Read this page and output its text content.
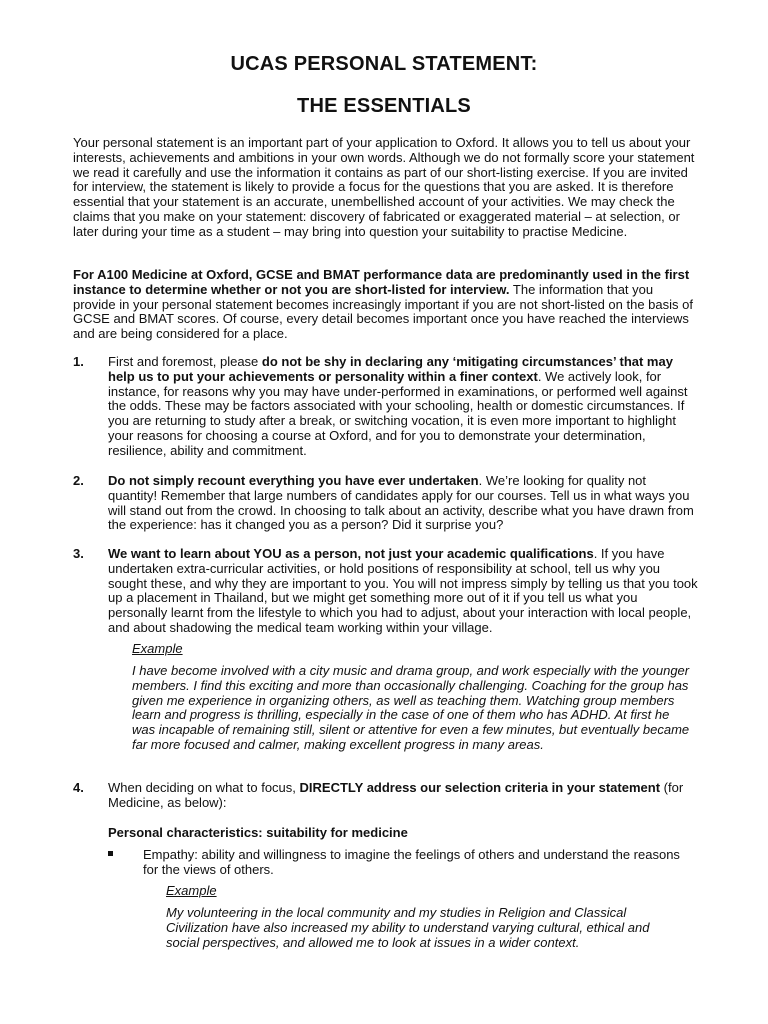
UCAS PERSONAL STATEMENT:
THE ESSENTIALS

Your personal statement is an important part of your application to Oxford. It allows you to tell us about your interests, achievements and ambitions in your own words. Although we do not formally score your statement we read it carefully and use the information it contains as part of our short-listing exercise. If you are invited for interview, the statement is likely to provide a focus for the questions that you are asked. It is therefore essential that your statement is an accurate, unembellished account of your activities. We may check the claims that you make on your statement: discovery of fabricated or exaggerated material – at selection, or later during your time as a student – may bring into question your suitability to practise Medicine.

For A100 Medicine at Oxford, GCSE and BMAT performance data are predominantly used in the first instance to determine whether or not you are short-listed for interview. The information that you provide in your personal statement becomes increasingly important if you are not short-listed on the basis of GCSE and BMAT scores. Of course, every detail becomes important once you have reached the interviews and are being considered for a place.

1. First and foremost, please do not be shy in declaring any ‘mitigating circumstances’ that may help us to put your achievements or personality within a finer context. We actively look, for instance, for reasons why you may have under-performed in examinations, or performed well against the odds. These may be factors associated with your schooling, health or domestic circumstances. If you are returning to study after a break, or switching vocation, it is even more important to highlight your reasons for choosing a course at Oxford, and for you to demonstrate your determination, resilience, ability and commitment.
2. Do not simply recount everything you have ever undertaken. We’re looking for quality not quantity! Remember that large numbers of candidates apply for our courses. Tell us in what ways you will stand out from the crowd. In choosing to talk about an activity, describe what you have drawn from the experience: has it changed you as a person? Did it surprise you?
3. We want to learn about YOU as a person, not just your academic qualifications. If you have undertaken extra-curricular activities, or hold positions of responsibility at school, tell us why you sought these, and why they are important to you. You will not impress simply by telling us that you took up a placement in Thailand, but we might get something more out of it if you tell us what you personally learnt from the lifestyle to which you had to adjust, about your interaction with local people, and about shadowing the medical team working within your village.
Example

I have become involved with a city music and drama group, and work especially with the younger members. I find this exciting and more than occasionally challenging. Coaching for the group has given me experience in organizing others, as well as teaching them. Watching group members learn and progress is thrilling, especially in the case of one of them who has ADHD. At first he was incapable of remaining still, silent or attentive for even a few minutes, but eventually became far more focused and calmer, making excellent progress in many areas.

4. When deciding on what to focus, DIRECTLY address our selection criteria in your statement (for Medicine, as below):
Personal characteristics: suitability for medicine
Empathy: ability and willingness to imagine the feelings of others and understand the reasons for the views of others.
Example

My volunteering in the local community and my studies in Religion and Classical Civilization have also increased my ability to understand varying cultural, ethical and social perspectives, and allowed me to look at issues in a wider context.
